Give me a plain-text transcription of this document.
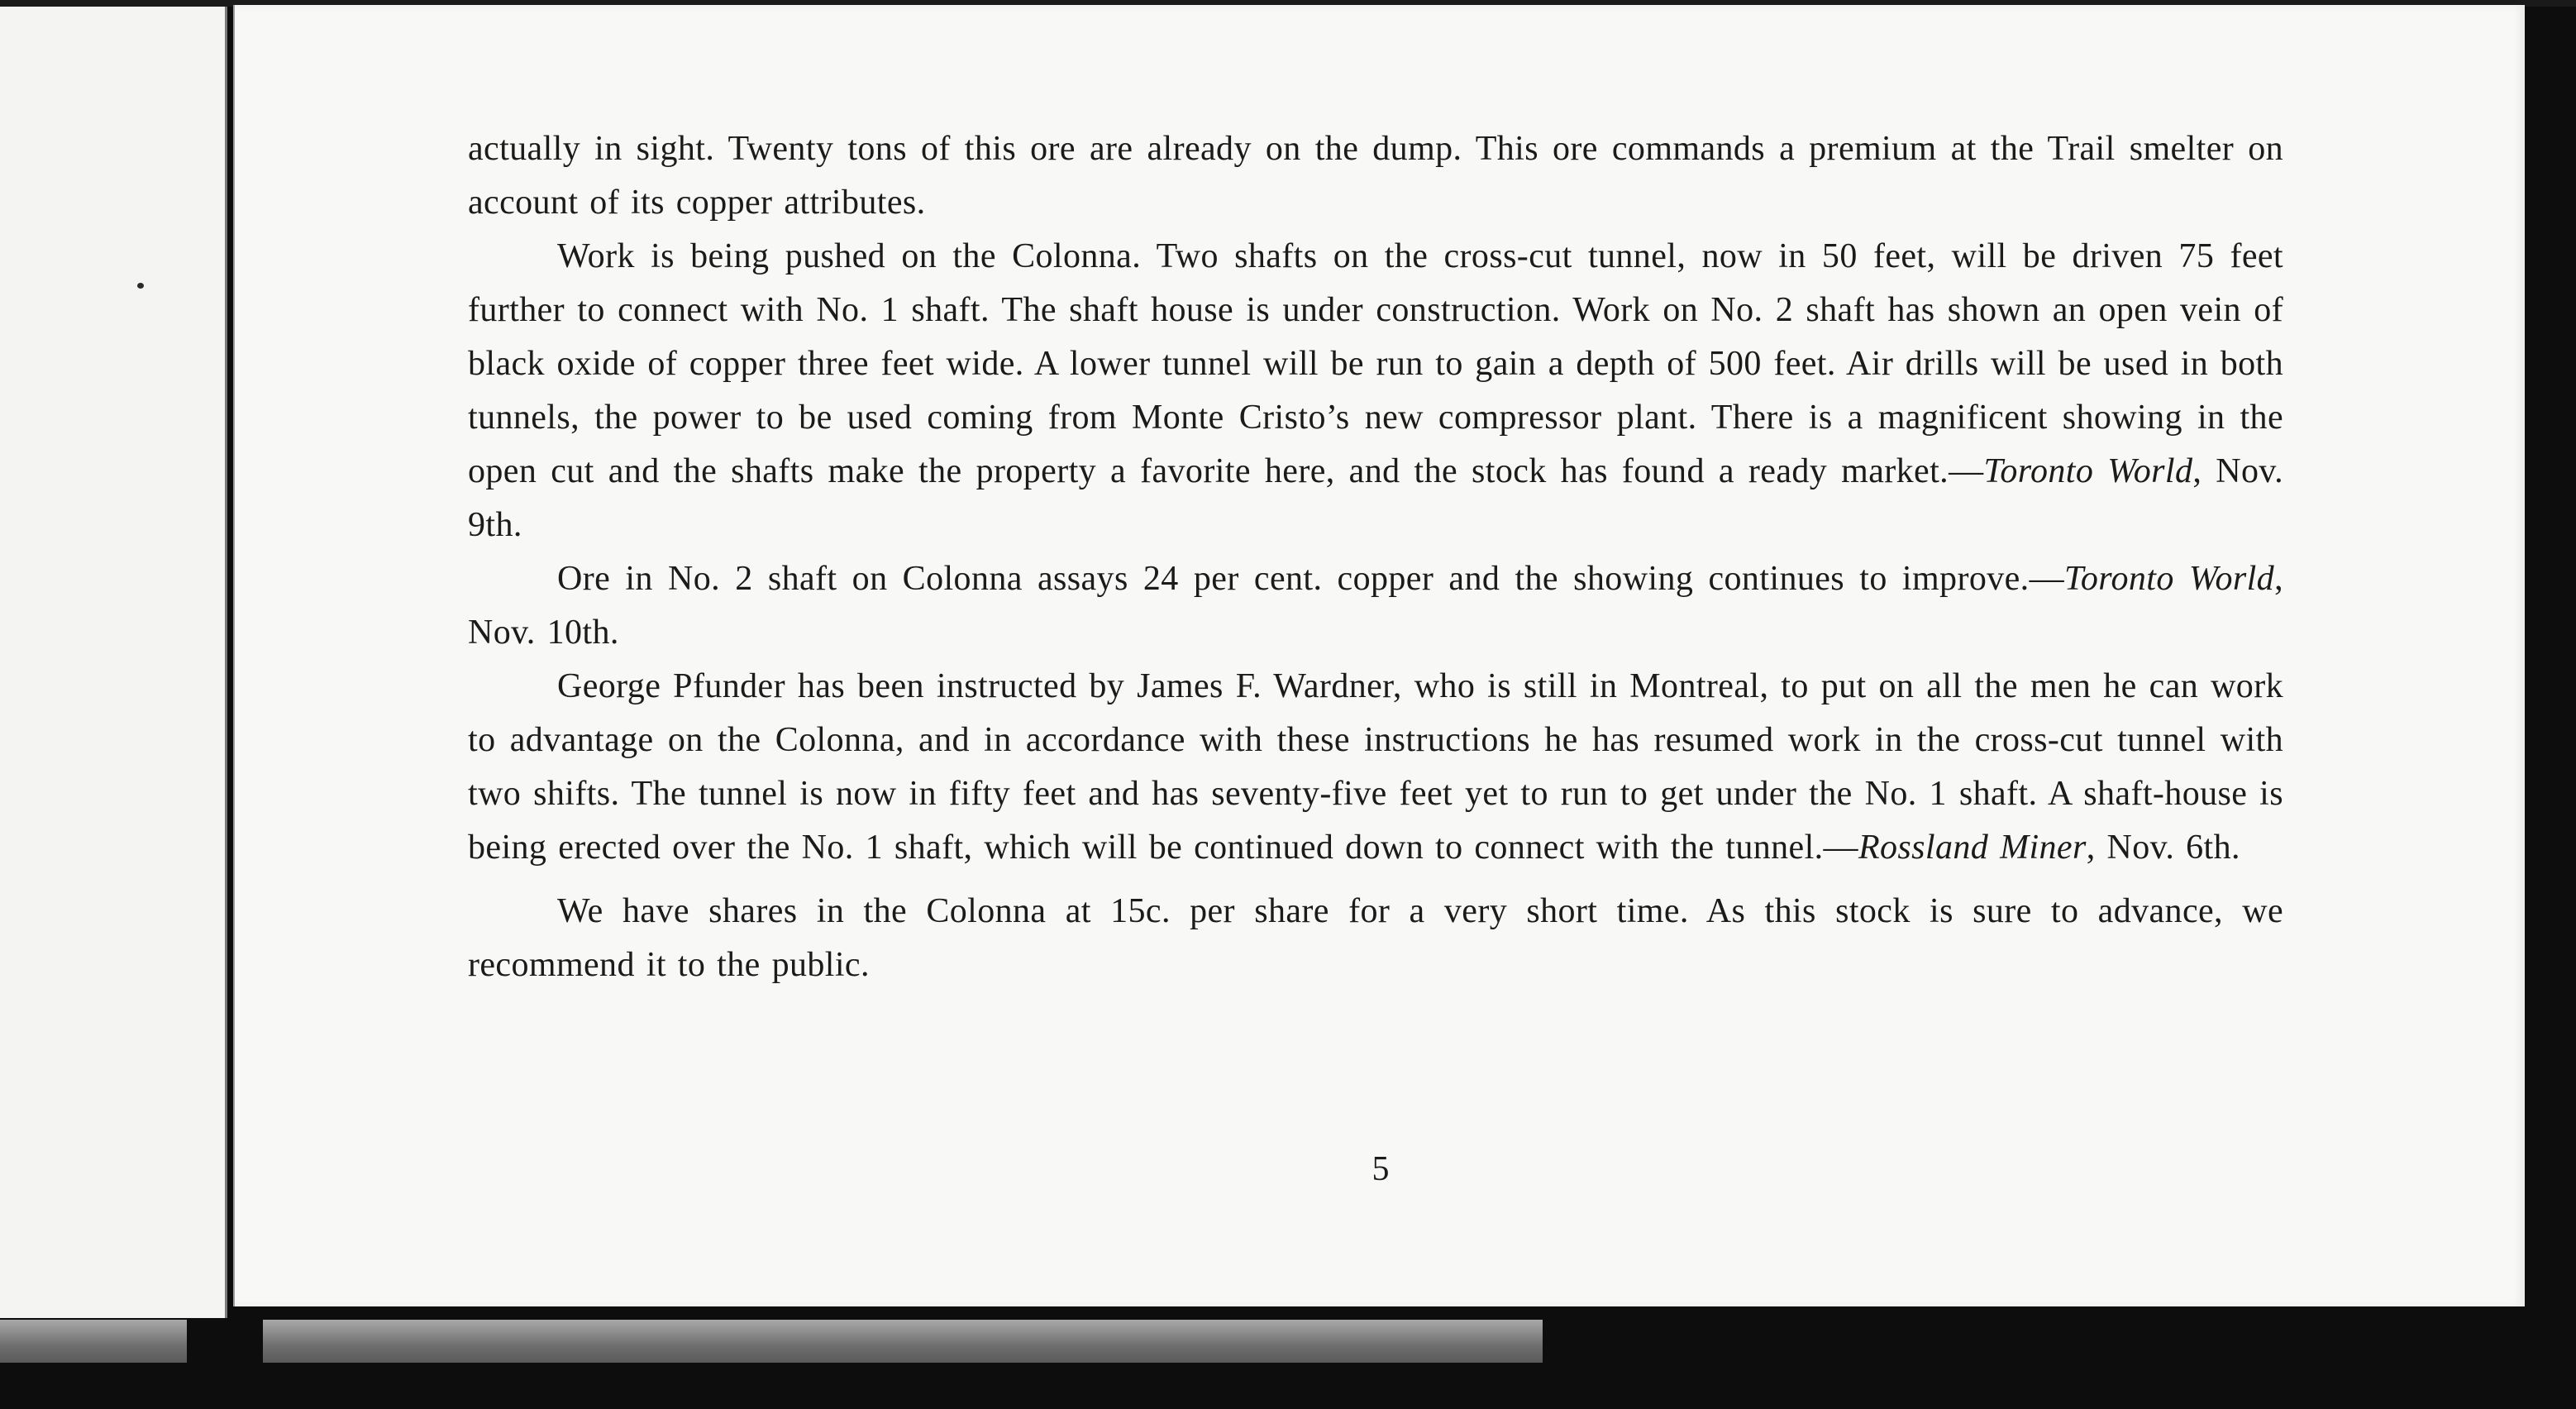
actually in sight. Twenty tons of this ore are already on the dump. This ore commands a premium at the Trail smelter on account of its copper attributes.

Work is being pushed on the Colonna. Two shafts on the cross-cut tunnel, now in 50 feet, will be driven 75 feet further to connect with No. 1 shaft. The shaft house is under construction. Work on No. 2 shaft has shown an open vein of black oxide of copper three feet wide. A lower tunnel will be run to gain a depth of 500 feet. Air drills will be used in both tunnels, the power to be used coming from Monte Cristo’s new compressor plant. There is a magnificent showing in the open cut and the shafts make the property a favorite here, and the stock has found a ready market.—Toronto World, Nov. 9th.

Ore in No. 2 shaft on Colonna assays 24 per cent. copper and the showing continues to improve.—Toronto World, Nov. 10th.

George Pfunder has been instructed by James F. Wardner, who is still in Montreal, to put on all the men he can work to advantage on the Colonna, and in accordance with these instructions he has resumed work in the cross-cut tunnel with two shifts. The tunnel is now in fifty feet and has seventy-five feet yet to run to get under the No. 1 shaft. A shaft-house is being erected over the No. 1 shaft, which will be continued down to connect with the tunnel.—Rossland Miner, Nov. 6th.

We have shares in the Colonna at 15c. per share for a very short time. As this stock is sure to advance, we recommend it to the public.

5
